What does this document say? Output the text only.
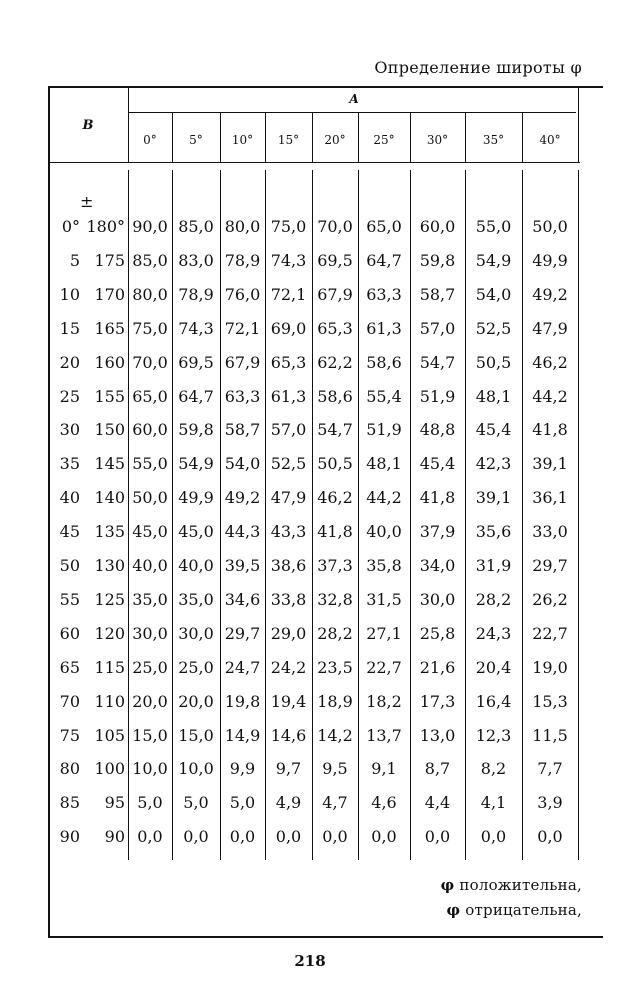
Определение широты φ
B
A
0°	5°	10°	15°	20°	25°	30°	35°	40°
±
0° 180° 90,0 85,0 80,0 75,0 70,0 65,0	60,0	55,0	50,0
5 175 85,0 83,0 78,9 74,3 69,5 64,7	59,8	54,9	49,9
10 170 80,0 78,9 76,0 72,1 67,9 63,3	58,7	54,0	49,2
15 165 75,0 74,3 72,1 69,0 65,3 61,3	57,0	52,5	47,9
20 160 70,0 69,5 67,9 65,3 62,2 58,6	54,7	50,5	46,2
25 155 65,0 64,7 63,3 61,3 58,6 55,4	51,9	48,1	44,2
30 150 60,0 59,8 58,7 57,0 54,7 51,9	48,8	45,4	41,8
35 145 55,0 54,9 54,0 52,5 50,5 48,1	45,4	42,3	39,1
40 140 50,0 49,9 49,2 47,9 46,2 44,2	41,8	39,1	36,1
45 135 45,0 45,0 44,3 43,3 41,8 40,0	37,9	35,6	33,0
50 130 40,0 40,0 39,5 38,6 37,3 35,8	34,0	31,9	29,7
55 125 35,0 35,0 34,6 33,8 32,8 31,5	30,0	28,2	26,2
60 120 30,0 30,0 29,7 29,0 28,2 27,1	25,8	24,3	22,7
65 115 25,0 25,0 24,7 24,2 23,5 22,7	21,6	20,4	19,0
70 110 20,0 20,0 19,8 19,4 18,9 18,2	17,3	16,4	15,3
75 105 15,0 15,0 14,9 14,6 14,2 13,7	13,0	12,3	11,5
80 100 10,0 10,0 9,9	9,7	9,5	9,1	8,7	8,2	7,7
85	95 5,0	5,0	5,0	4,9	4,7	4,6	4,4	4,1	3,9
90	90 0,0	0,0	0,0	0,0	0,0	0,0	0,0	0,0	0,0
φ положительна,
φ отрицательна,
218
